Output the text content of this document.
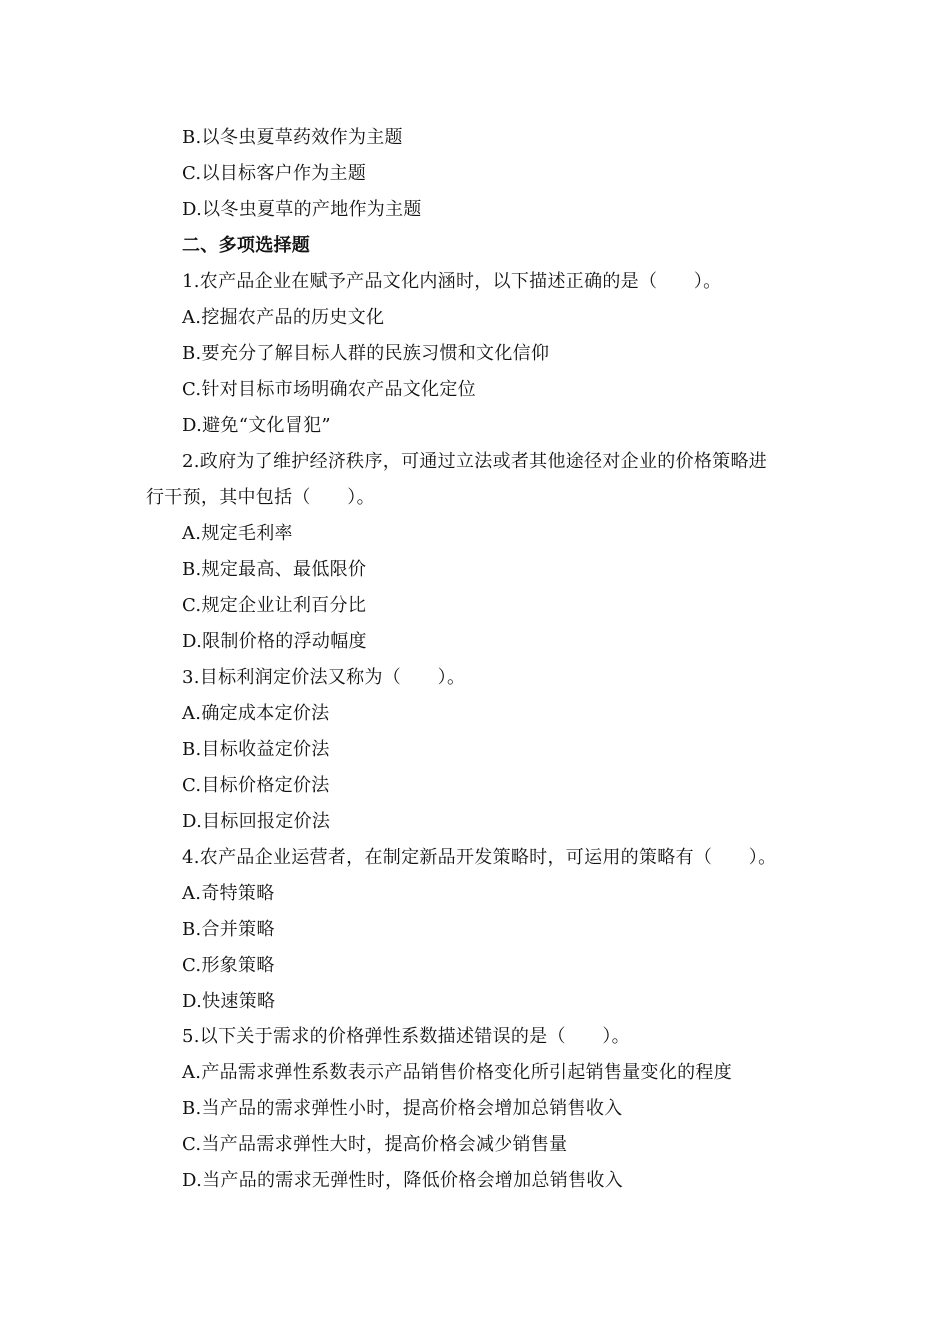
B.以冬虫夏草药效作为主题
C.以目标客户作为主题
D.以冬虫夏草的产地作为主题
二、多项选择题
1.农产品企业在赋予产品文化内涵时，以下描述正确的是（　　）。
A.挖掘农产品的历史文化
B.要充分了解目标人群的民族习惯和文化信仰
C.针对目标市场明确农产品文化定位
D.避免“文化冒犯”
2.政府为了维护经济秩序，可通过立法或者其他途径对企业的价格策略进
行干预，其中包括（　　）。
A.规定毛利率
B.规定最高、最低限价
C.规定企业让利百分比
D.限制价格的浮动幅度
3.目标利润定价法又称为（　　）。
A.确定成本定价法
B.目标收益定价法
C.目标价格定价法
D.目标回报定价法
4.农产品企业运营者，在制定新品开发策略时，可运用的策略有（　　）。
A.奇特策略
B.合并策略
C.形象策略
D.快速策略
5.以下关于需求的价格弹性系数描述错误的是（　　）。
A.产品需求弹性系数表示产品销售价格变化所引起销售量变化的程度
B.当产品的需求弹性小时，提高价格会增加总销售收入
C.当产品需求弹性大时，提高价格会减少销售量
D.当产品的需求无弹性时，降低价格会增加总销售收入
